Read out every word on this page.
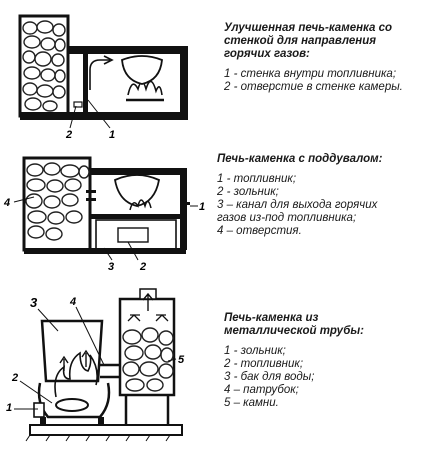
2	1
Улучшенная печь-каменка со
стенкой для направления
горячих газов:
1 - стенка внутри топливника;
2 - отверстие в стенке камеры.
4	1
3 2
Печь-каменка с поддувалом:
1 - топливник;
2 - зольник;
3 – канал для выхода горячих
газов из-под топливника;
4 – отверстия.
3	4
5
2
1
Печь-каменка из
металлической трубы:
1 - зольник;
2 - топливник;
3 - бак для воды;
4 – патрубок;
5 – камни.
